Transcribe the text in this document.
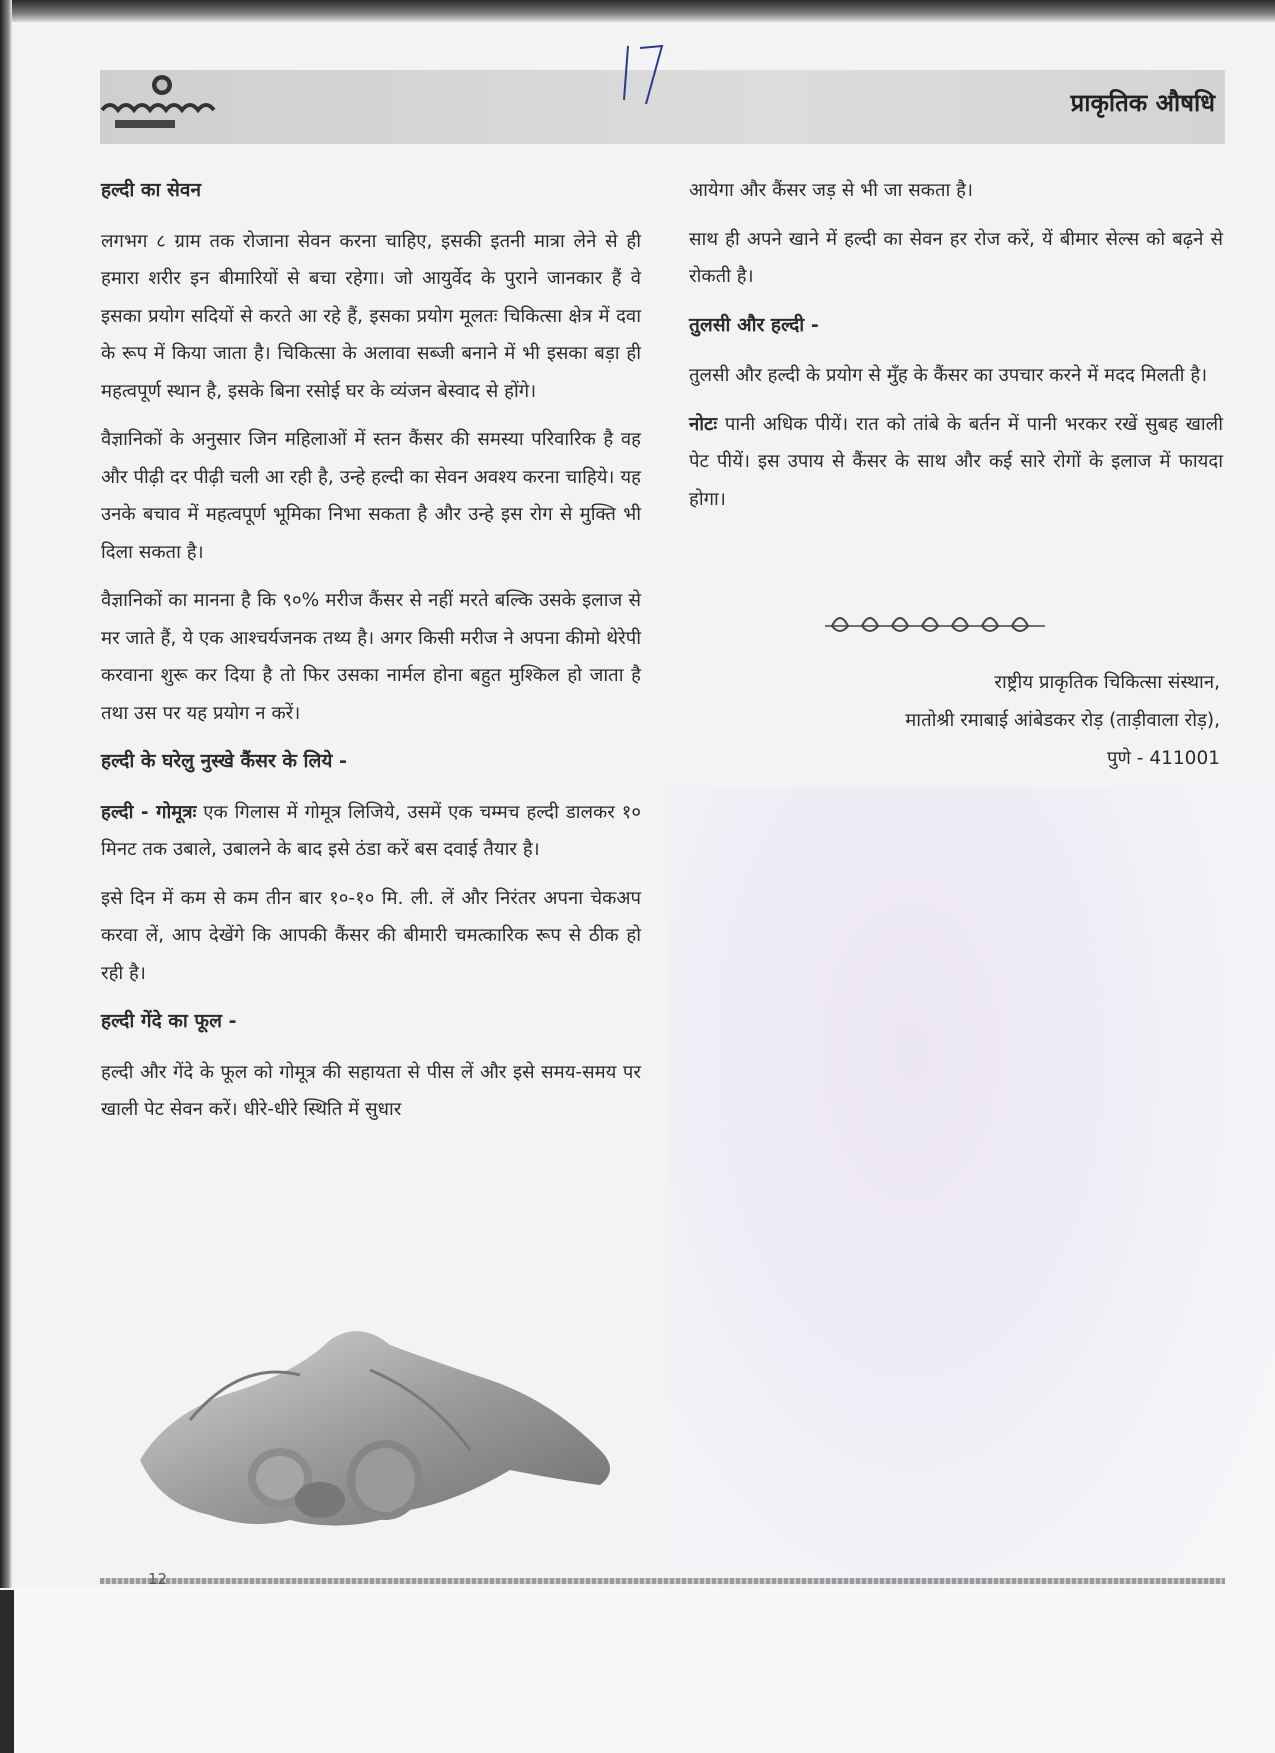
प्राकृतिक औषधि
हल्दी का सेवन

लगभग ८ ग्राम तक रोजाना सेवन करना चाहिए, इसकी इतनी मात्रा लेने से ही हमारा शरीर इन बीमारियों से बचा रहेगा। जो आयुर्वेद के पुराने जानकार हैं वे इसका प्रयोग सदियों से करते आ रहे हैं, इसका प्रयोग मूलतः चिकित्सा क्षेत्र में दवा के रूप में किया जाता है। चिकित्सा के अलावा सब्जी बनाने में भी इसका बड़ा ही महत्वपूर्ण स्थान है, इसके बिना रसोई घर के व्यंजन बेस्वाद से होंगे।

वैज्ञानिकों के अनुसार जिन महिलाओं में स्तन कैंसर की समस्या परिवारिक है वह और पीढ़ी दर पीढ़ी चली आ रही है, उन्हे हल्दी का सेवन अवश्य करना चाहिये। यह उनके बचाव में महत्वपूर्ण भूमिका निभा सकता है और उन्हे इस रोग से मुक्ति भी दिला सकता है।

वैज्ञानिकों का मानना है कि ९०% मरीज कैंसर से नहीं मरते बल्कि उसके इलाज से मर जाते हैं, ये एक आश्चर्यजनक तथ्य है। अगर किसी मरीज ने अपना कीमो थेरेपी करवाना शुरू कर दिया है तो फिर उसका नार्मल होना बहुत मुश्किल हो जाता है तथा उस पर यह प्रयोग न करें।

हल्दी के घरेलु नुस्खे कैंसर के लिये -

हल्दी - गोमूत्रः एक गिलास में गोमूत्र लिजिये, उसमें एक चम्मच हल्दी डालकर १० मिनट तक उबाले, उबालने के बाद इसे ठंडा करें बस दवाई तैयार है।

इसे दिन में कम से कम तीन बार १०-१० मि. ली. लें और निरंतर अपना चेकअप करवा लें, आप देखेंगे कि आपकी कैंसर की बीमारी चमत्कारिक रूप से ठीक हो रही है।

हल्दी गेंदे का फूल -

हल्दी और गेंदे के फूल को गोमूत्र की सहायता से पीस लें और इसे समय-समय पर खाली पेट सेवन करें। धीरे-धीरे स्थिति में सुधार

आयेगा और कैंसर जड़ से भी जा सकता है।

साथ ही अपने खाने में हल्दी का सेवन हर रोज करें, यें बीमार सेल्स को बढ़ने से रोकती है।

तुलसी और हल्दी -

तुलसी और हल्दी के प्रयोग से मुँह के कैंसर का उपचार करने में मदद मिलती है।

नोटः पानी अधिक पीयें। रात को तांबे के बर्तन में पानी भरकर रखें सुबह खाली पेट पीयें। इस उपाय से कैंसर के साथ और कई सारे रोगों के इलाज में फायदा होगा।

राष्ट्रीय प्राकृतिक चिकित्सा संस्थान,
मातोश्री रमाबाई आंबेडकर रोड़ (ताड़ीवाला रोड़),
पुणे - 411001
12
